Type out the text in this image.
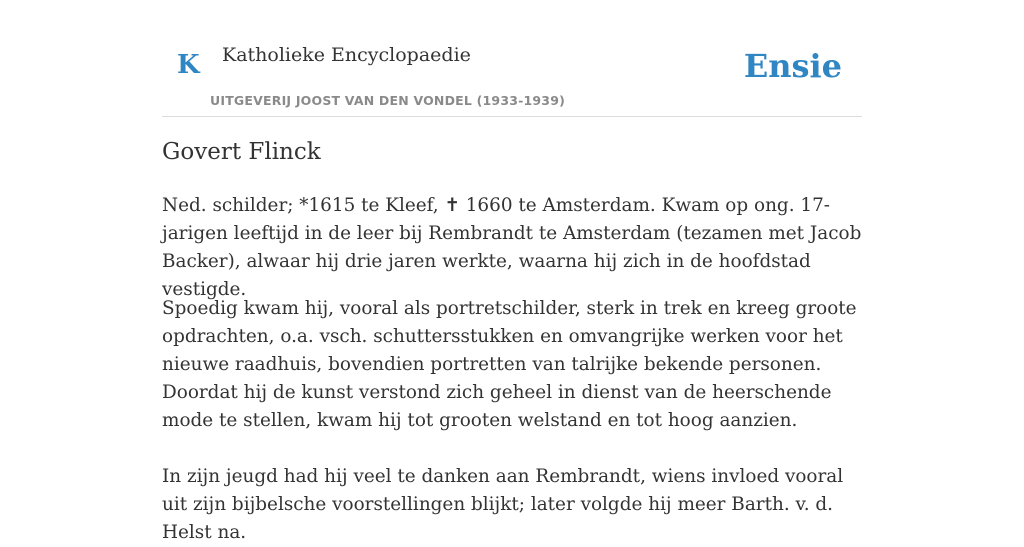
K Katholieke Encyclopaedie
UITGEVERIJ JOOST VAN DEN VONDEL (1933-1939)
Ensie
Govert Flinck

Ned. schilder; *1615 te Kleef, ✝ 1660 te Amsterdam. Kwam op ong. 17-jarigen leeftijd in de leer bij Rembrandt te Amsterdam (tezamen met Jacob Backer), alwaar hij drie jaren werkte, waarna hij zich in de hoofdstad vestigde.

Spoedig kwam hij, vooral als portretschilder, sterk in trek en kreeg groote opdrachten, o.a. vsch. schuttersstukken en omvangrijke werken voor het nieuwe raadhuis, bovendien portretten van talrijke bekende personen. Doordat hij de kunst verstond zich geheel in dienst van de heerschende mode te stellen, kwam hij tot grooten welstand en tot hoog aanzien.

In zijn jeugd had hij veel te danken aan Rembrandt, wiens invloed vooral uit zijn bijbelsche voorstellingen blijkt; later volgde hij meer Barth. v. d. Helst na.
